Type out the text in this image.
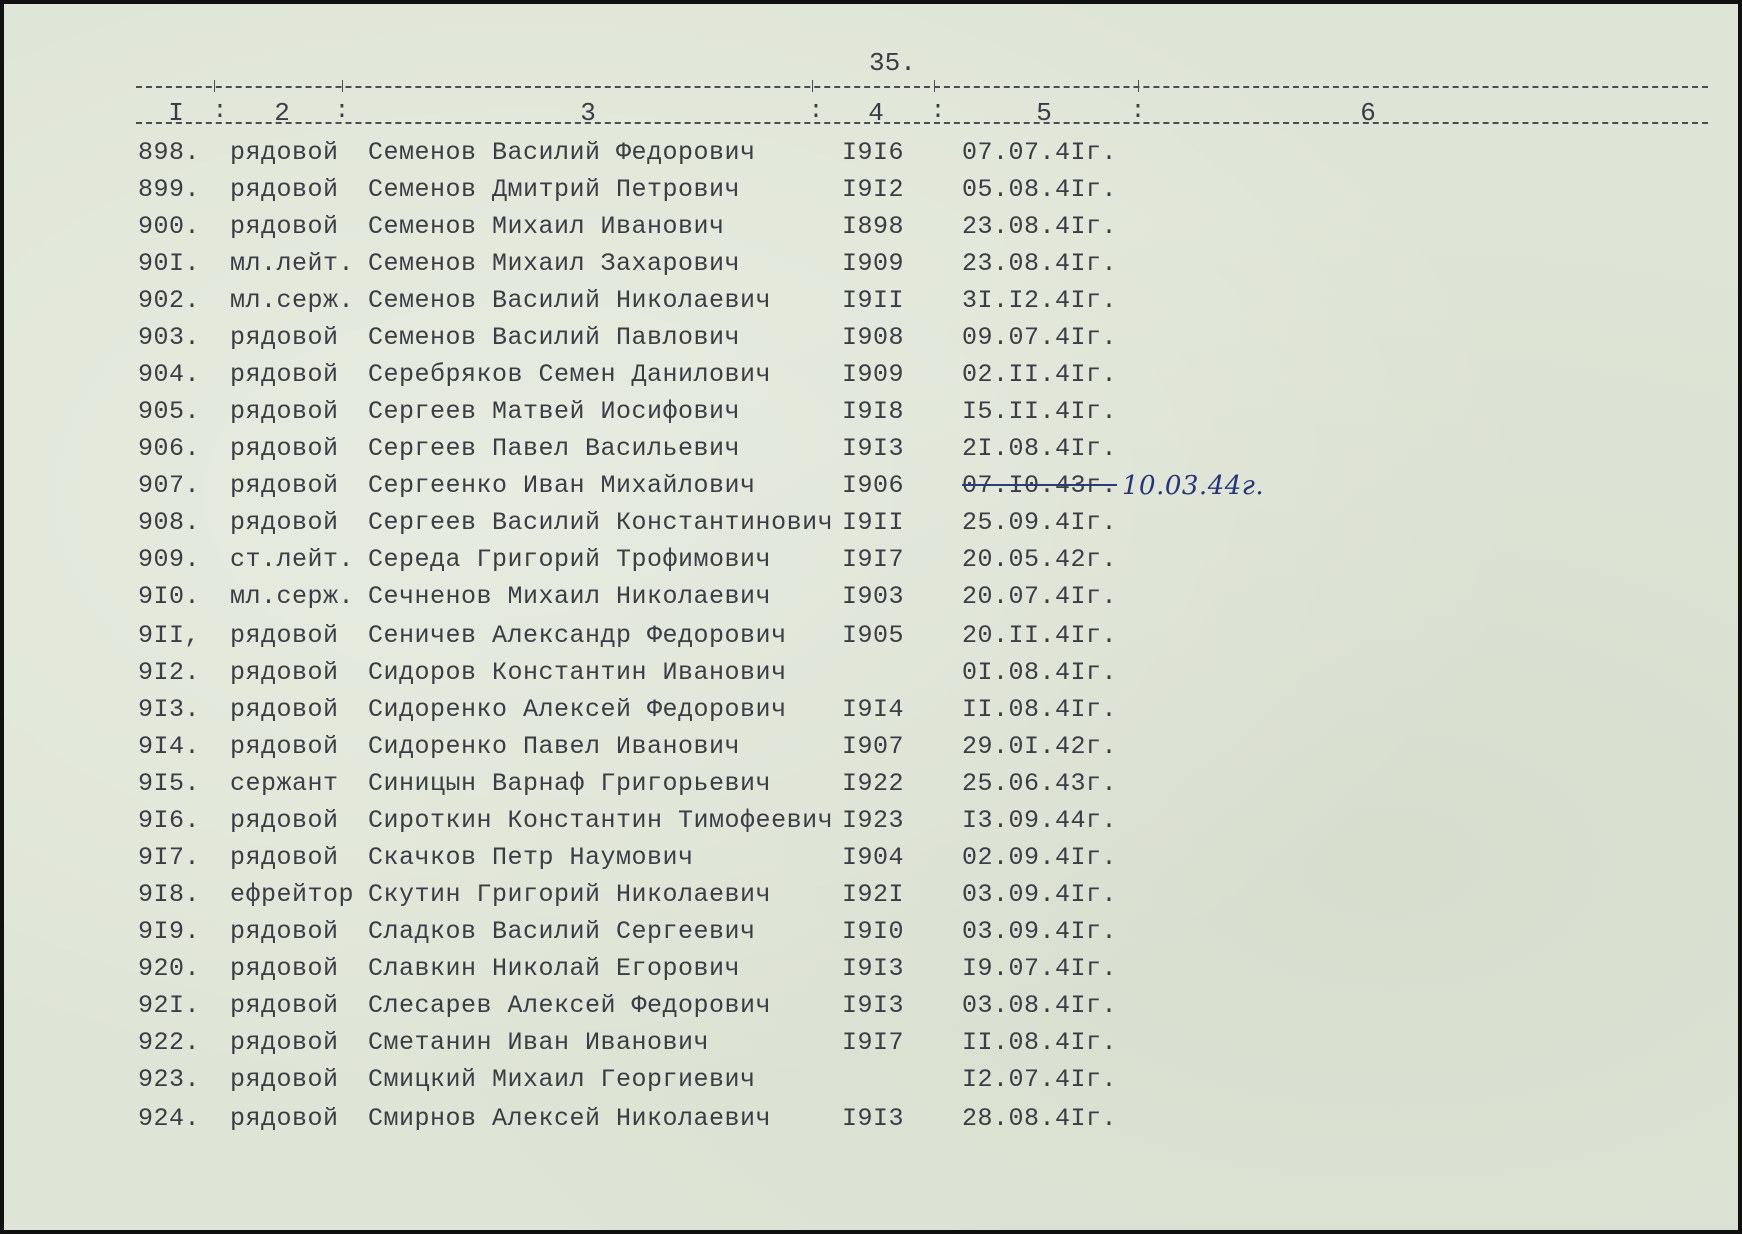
35.
I : 2 :	3	: 4 :	5	:	6
898. рядовой Семенов Василий Федорович	I9I6 07.07.4Iг.
899. рядовой Семенов Дмитрий Петрович	I9I2 05.08.4Iг.
900. рядовой Семенов Михаил Иванович	I898 23.08.4Iг.
90I. мл.лейт. Семенов Михаил Захарович	I909 23.08.4Iг.
902. мл.серж. Семенов Василий Николаевич	I9II 3I.I2.4Iг.
903. рядовой Семенов Василий Павлович	I908 09.07.4Iг.
904. рядовой Серебряков Семен Данилович	I909 02.II.4Iг.
905. рядовой Сергеев Матвей Иосифович	I9I8 I5.II.4Iг.
906. рядовой Сергеев Павел Васильевич	I9I3 2I.08.4Iг.
907. рядовой Сергеенко Иван Михайлович	I906 07.I0.43г. 10.03.44г.
908. рядовой Сергеев Василий Константинович I9II 25.09.4Iг.
909. ст.лейт. Середа Григорий Трофимович	I9I7 20.05.42г.
9I0. мл.серж. Сечненов Михаил Николаевич	I903 20.07.4Iг.
9II, рядовой Сеничев Александр Федорович I905 20.II.4Iг.
9I2. рядовой Сидоров Константин Иванович	0I.08.4Iг.
9I3. рядовой Сидоренко Алексей Федорович I9I4 II.08.4Iг.
9I4. рядовой Сидоренко Павел Иванович	I907 29.0I.42г.
9I5. сержант Синицын Варнаф Григорьевич	I922 25.06.43г.
9I6. рядовой Сироткин Константин Тимофеевич I923 I3.09.44г.
9I7. рядовой Скачков Петр Наумович	I904 02.09.4Iг.
9I8. ефрейтор Скутин Григорий Николаевич	I92I 03.09.4Iг.
9I9. рядовой Сладков Василий Сергеевич	I9I0 03.09.4Iг.
920. рядовой Славкин Николай Егорович	I9I3 I9.07.4Iг.
92I. рядовой Слесарев Алексей Федорович	I9I3 03.08.4Iг.
922. рядовой Сметанин Иван Иванович	I9I7 II.08.4Iг.
923. рядовой Смицкий Михаил Георгиевич	I2.07.4Iг.
924. рядовой Смирнов Алексей Николаевич	I9I3 28.08.4Iг.
